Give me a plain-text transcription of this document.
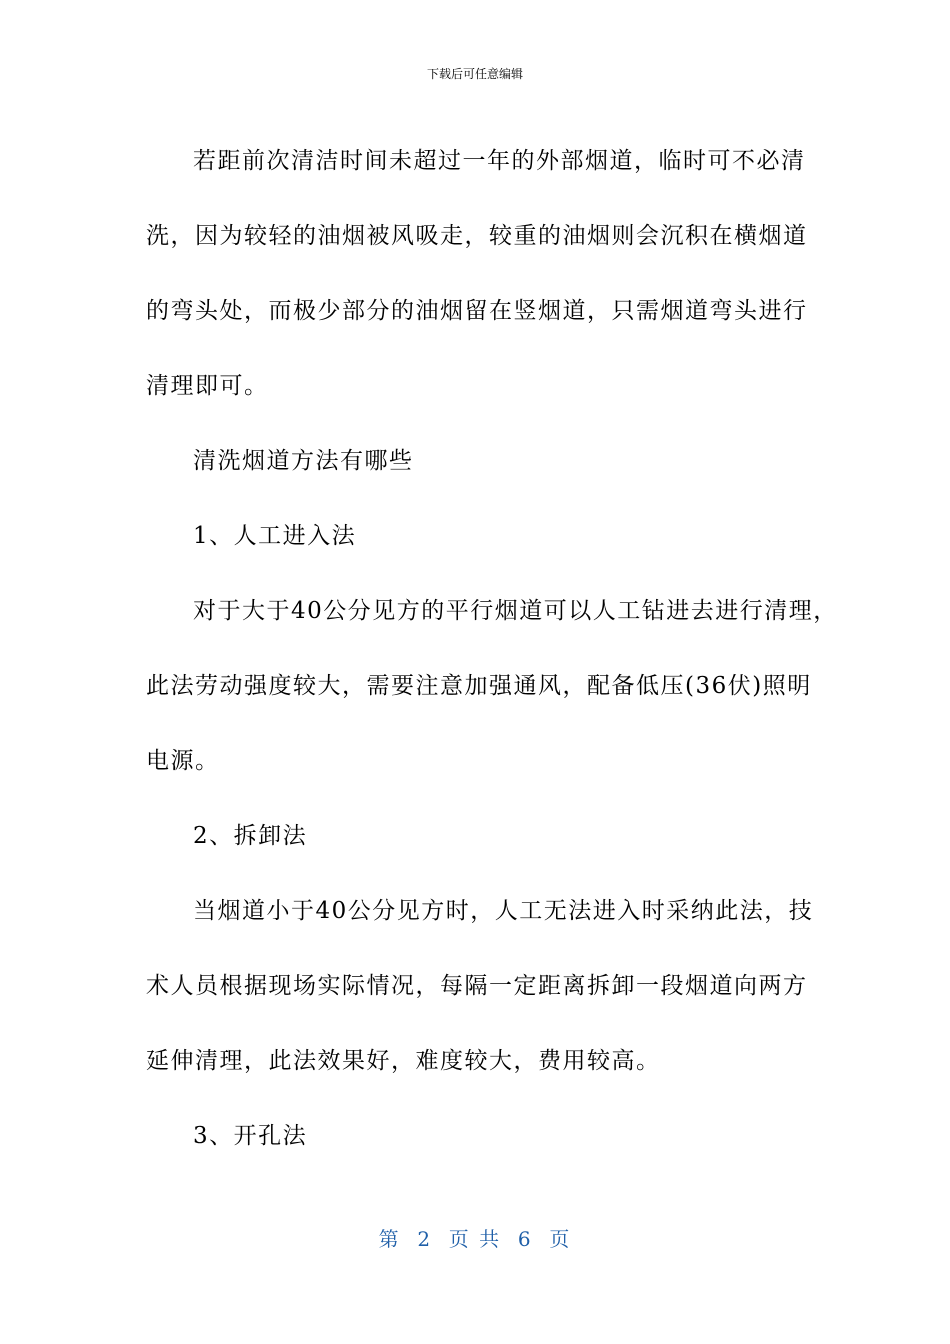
下载后可任意编辑
若距前次清洁时间未超过一年的外部烟道，临时可不必清
洗，因为较轻的油烟被风吸走，较重的油烟则会沉积在横烟道
的弯头处，而极少部分的油烟留在竖烟道，只需烟道弯头进行
清理即可。
清洗烟道方法有哪些
1、人工进入法
对于大于40公分见方的平行烟道可以人工钻进去进行清理，
此法劳动强度较大，需要注意加强通风，配备低压(36伏)照明
电源。
2、拆卸法
当烟道小于40公分见方时，人工无法进入时采纳此法，技
术人员根据现场实际情况，每隔一定距离拆卸一段烟道向两方
延伸清理，此法效果好，难度较大，费用较高。
3、开孔法
第  2  页 共  6  页
